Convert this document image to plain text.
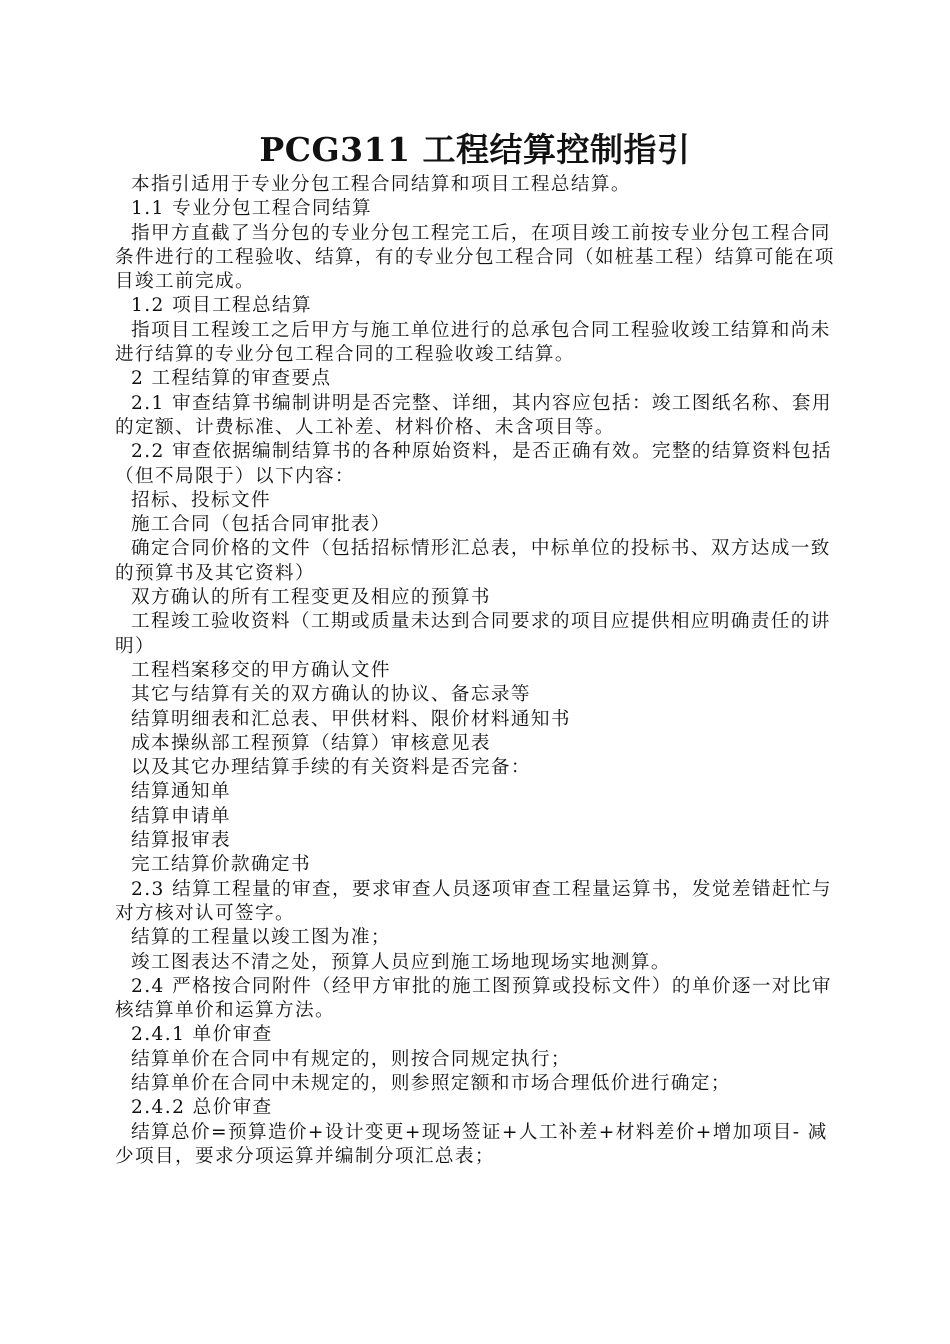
PCG311 工程结算控制指引

本指引适用于专业分包工程合同结算和项目工程总结算。

1.1 专业分包工程合同结算

指甲方直截了当分包的专业分包工程完工后，在项目竣工前按专业分包工程合同条件进行的工程验收、结算，有的专业分包工程合同（如桩基工程）结算可能在项目竣工前完成。

1.2 项目工程总结算

指项目工程竣工之后甲方与施工单位进行的总承包合同工程验收竣工结算和尚未进行结算的专业分包工程合同的工程验收竣工结算。

2 工程结算的审查要点

2.1 审查结算书编制讲明是否完整、详细，其内容应包括：竣工图纸名称、套用的定额、计费标准、人工补差、材料价格、未含项目等。

2.2 审查依据编制结算书的各种原始资料，是否正确有效。完整的结算资料包括（但不局限于）以下内容：

招标、投标文件

施工合同（包括合同审批表）

确定合同价格的文件（包括招标情形汇总表，中标单位的投标书、双方达成一致的预算书及其它资料）

双方确认的所有工程变更及相应的预算书

工程竣工验收资料（工期或质量未达到合同要求的项目应提供相应明确责任的讲明）

工程档案移交的甲方确认文件

其它与结算有关的双方确认的协议、备忘录等

结算明细表和汇总表、甲供材料、限价材料通知书

成本操纵部工程预算（结算）审核意见表

以及其它办理结算手续的有关资料是否完备：

结算通知单

结算申请单

结算报审表

完工结算价款确定书

2.3 结算工程量的审查，要求审查人员逐项审查工程量运算书，发觉差错赶忙与对方核对认可签字。

结算的工程量以竣工图为准；

竣工图表达不清之处，预算人员应到施工场地现场实地测算。

2.4 严格按合同附件（经甲方审批的施工图预算或投标文件）的单价逐一对比审核结算单价和运算方法。

2.4.1 单价审查

结算单价在合同中有规定的，则按合同规定执行；

结算单价在合同中未规定的，则参照定额和市场合理低价进行确定；

2.4.2 总价审查

结算总价=预算造价+设计变更+现场签证+人工补差+材料差价+增加项目- 减少项目，要求分项运算并编制分项汇总表；
